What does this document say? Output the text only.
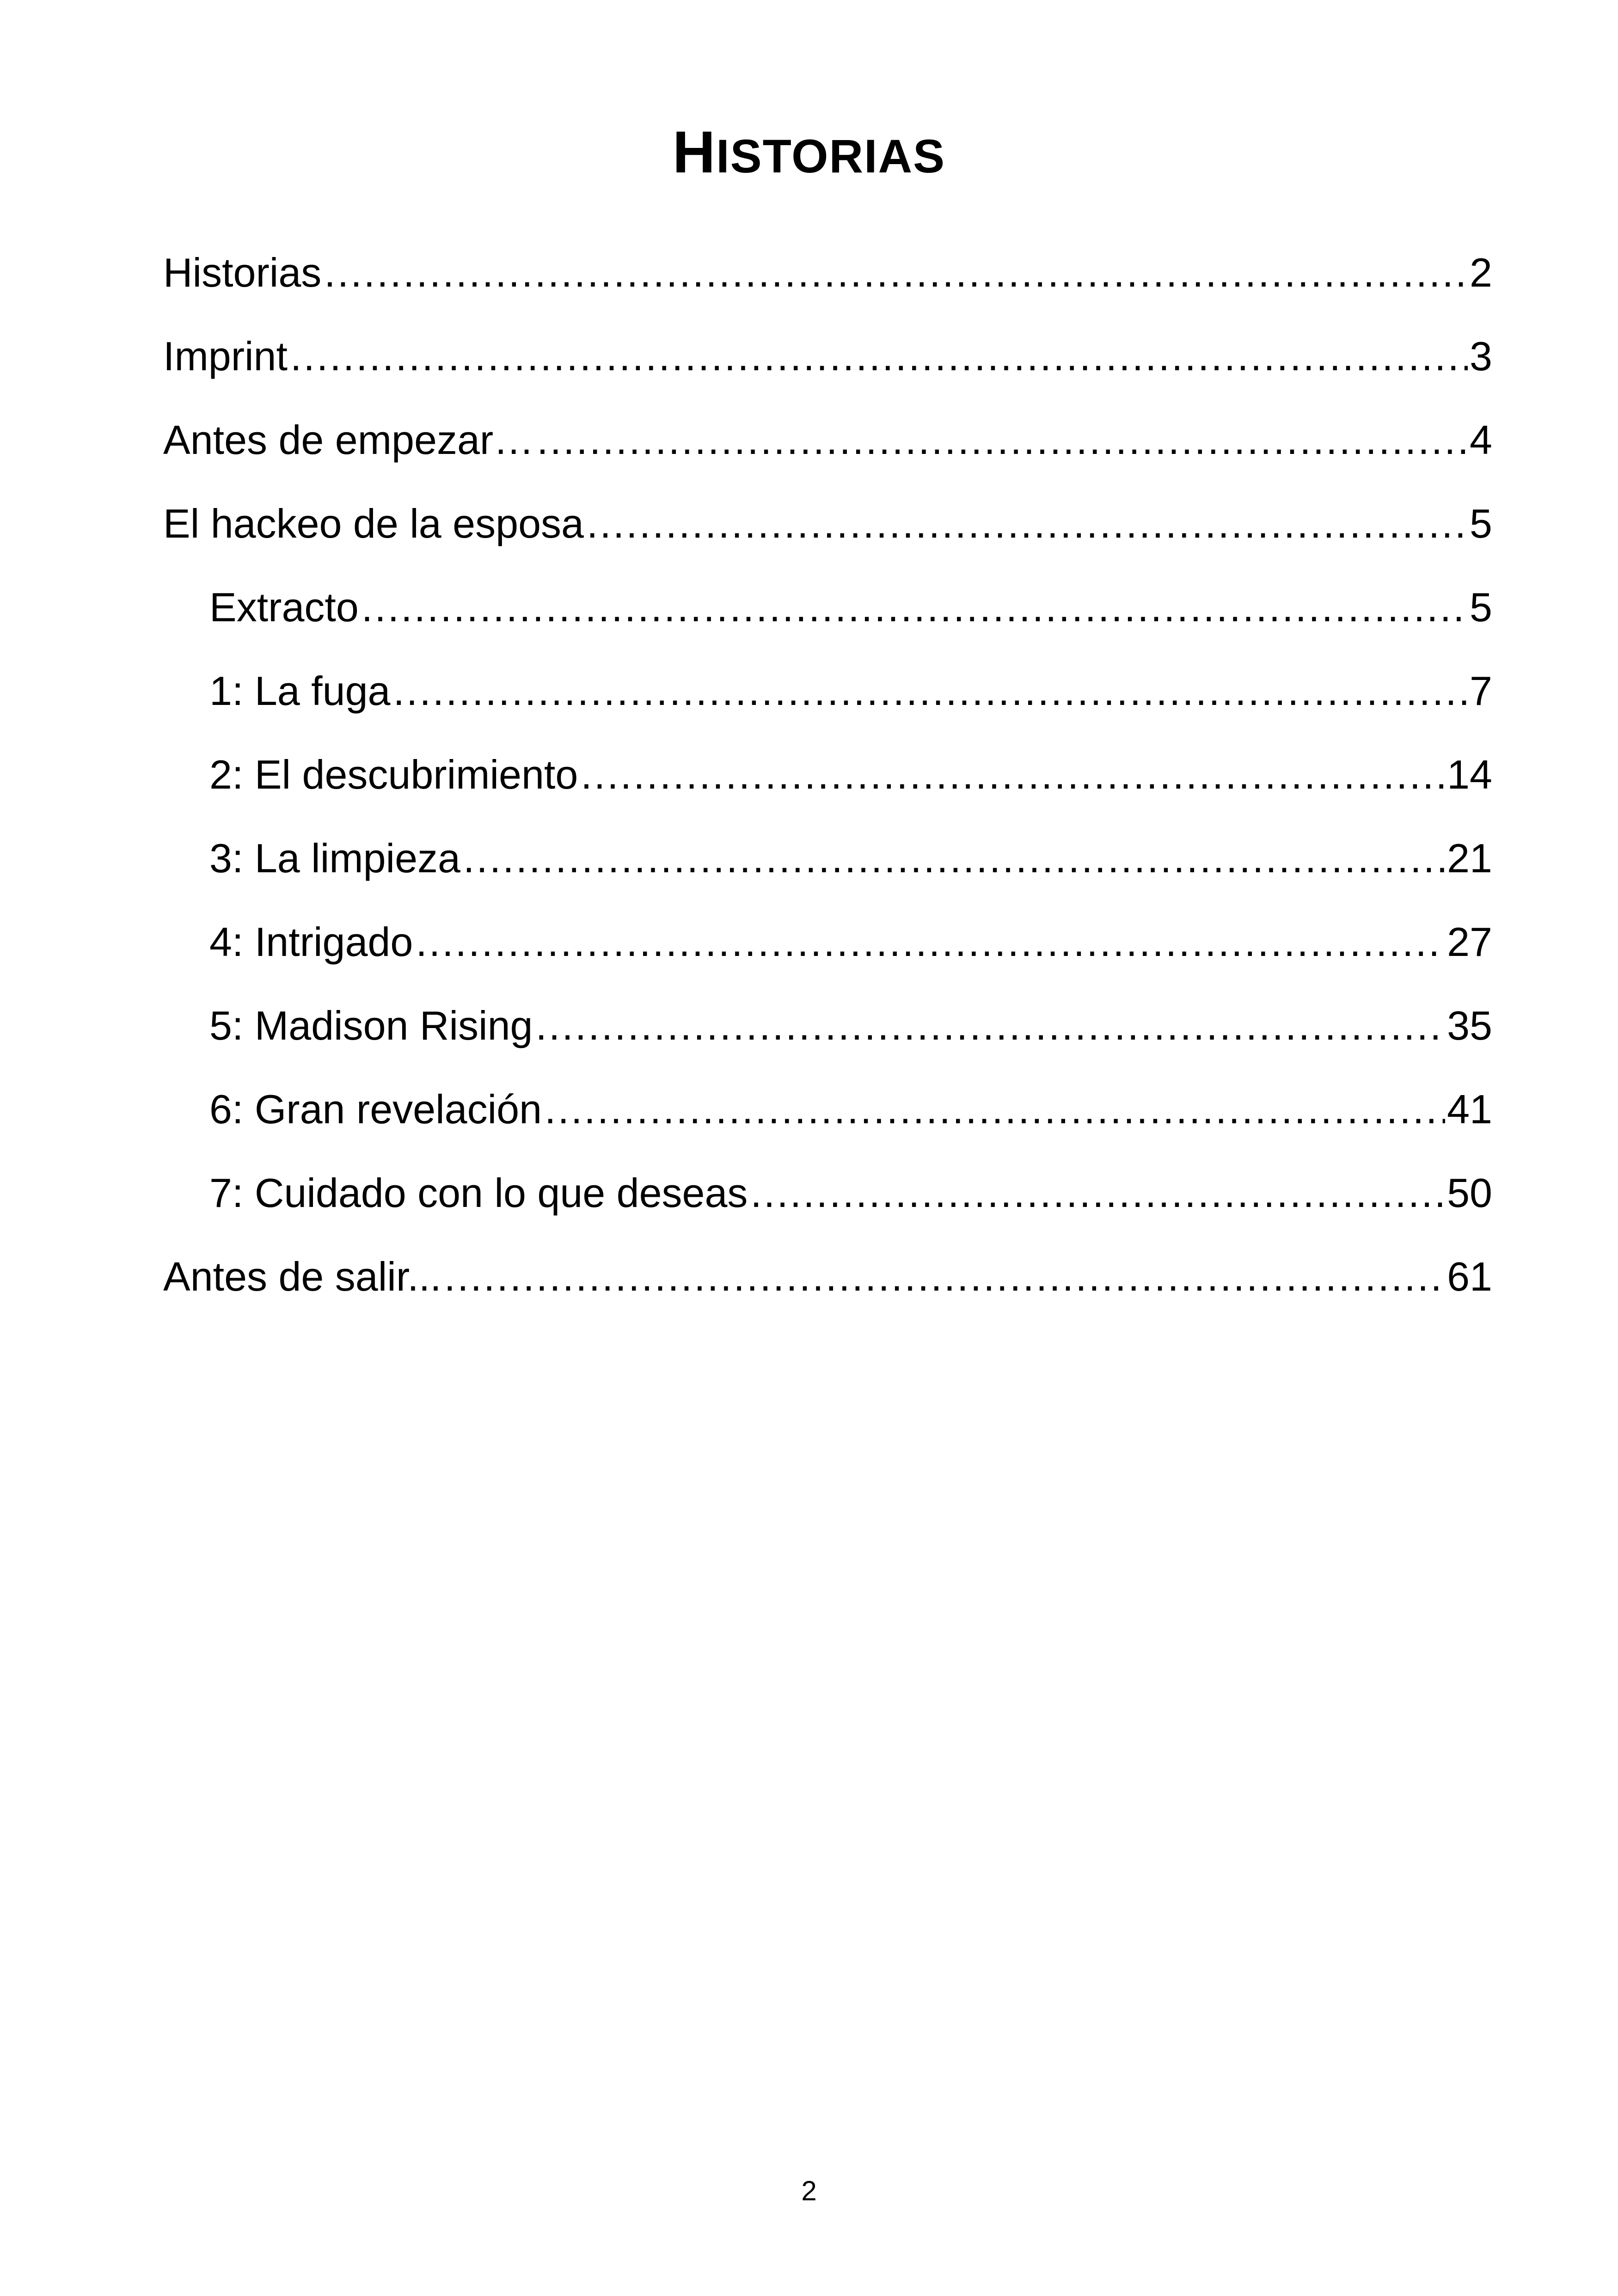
HISTORIAS
Historias .....	2
Imprint .....	3
Antes de empezar… .....	4
El hackeo de la esposa .....	5
Extracto .....	5
1: La fuga .....	7
2: El descubrimiento .....	14
3: La limpieza .....	21
4: Intrigado .....	27
5: Madison Rising .....	35
6: Gran revelación .....	41
7: Cuidado con lo que deseas .....	50
Antes de salir... .....	61
2
